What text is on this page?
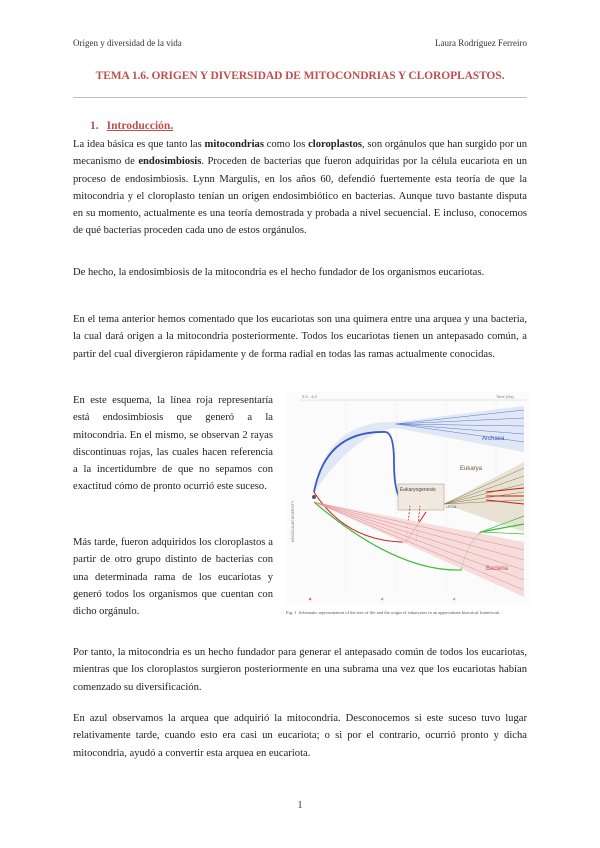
Origen y diversidad de la vida	Laura Rodríguez Ferreiro
TEMA 1.6. ORIGEN Y DIVERSIDAD DE MITOCONDRIAS Y CLOROPLASTOS.
1. Introducción.
La idea básica es que tanto las mitocondrias como los cloroplastos, son orgánulos que han surgido por un mecanismo de endosimbiosis. Proceden de bacterias que fueron adquiridas por la célula eucariota en un proceso de endosimbiosis. Lynn Margulis, en los años 60, defendió fuertemente esta teoría de que la mitocondria y el cloroplasto tenían un origen endosimbiótico en bacterias. Aunque tuvo bastante disputa en su momento, actualmente es una teoría demostrada y probada a nivel secuencial. E incluso, conocemos de qué bacterias proceden cada uno de estos orgánulos.
De hecho, la endosimbiosis de la mitocondria es el hecho fundador de los organismos eucariotas.
En el tema anterior hemos comentado que los eucariotas son una quimera entre una arquea y una bacteria, la cual dará origen a la mitocondria posteriormente. Todos los eucariotas tienen un antepasado común, a partir del cual divergieron rápidamente y de forma radial en todas las ramas actualmente conocidas.
En este esquema, la línea roja representaría está endosimbiosis que generó a la mitocondria. En el mismo, se observan 2 rayas discontinuas rojas, las cuales hacen referencia a la incertidumbre de que no sepamos con exactitud cómo de pronto ocurrió este suceso.
Más tarde, fueron adquiridos los cloroplastos a partir de otro grupo distinto de bacterias con una determinada rama de los eucariotas y generó todos los organismos que cuentan con dicho orgánulo.
3.5 - 4.0	Time (Ga)
Archaea
Eukaryogenesis
Eukarya
LECA
Bacteria
MOLECULAR DIVERSITY
✶	✶	✶
Fig. 1. Schematic representation of the tree of life and the origin of eukaryotes in an approximate historical framework.
Por tanto, la mitocondria es un hecho fundador para generar el antepasado común de todos los eucariotas, mientras que los cloroplastos surgieron posteriormente en una subrama una vez que los eucariotas habían comenzado su diversificación.
En azul observamos la arquea que adquirió la mitocondria. Desconocemos si este suceso tuvo lugar relativamente tarde, cuando esto era casi un eucariota; o si por el contrario, ocurrió pronto y dicha mitocondria, ayudó a convertir esta arquea en eucariota.
1
